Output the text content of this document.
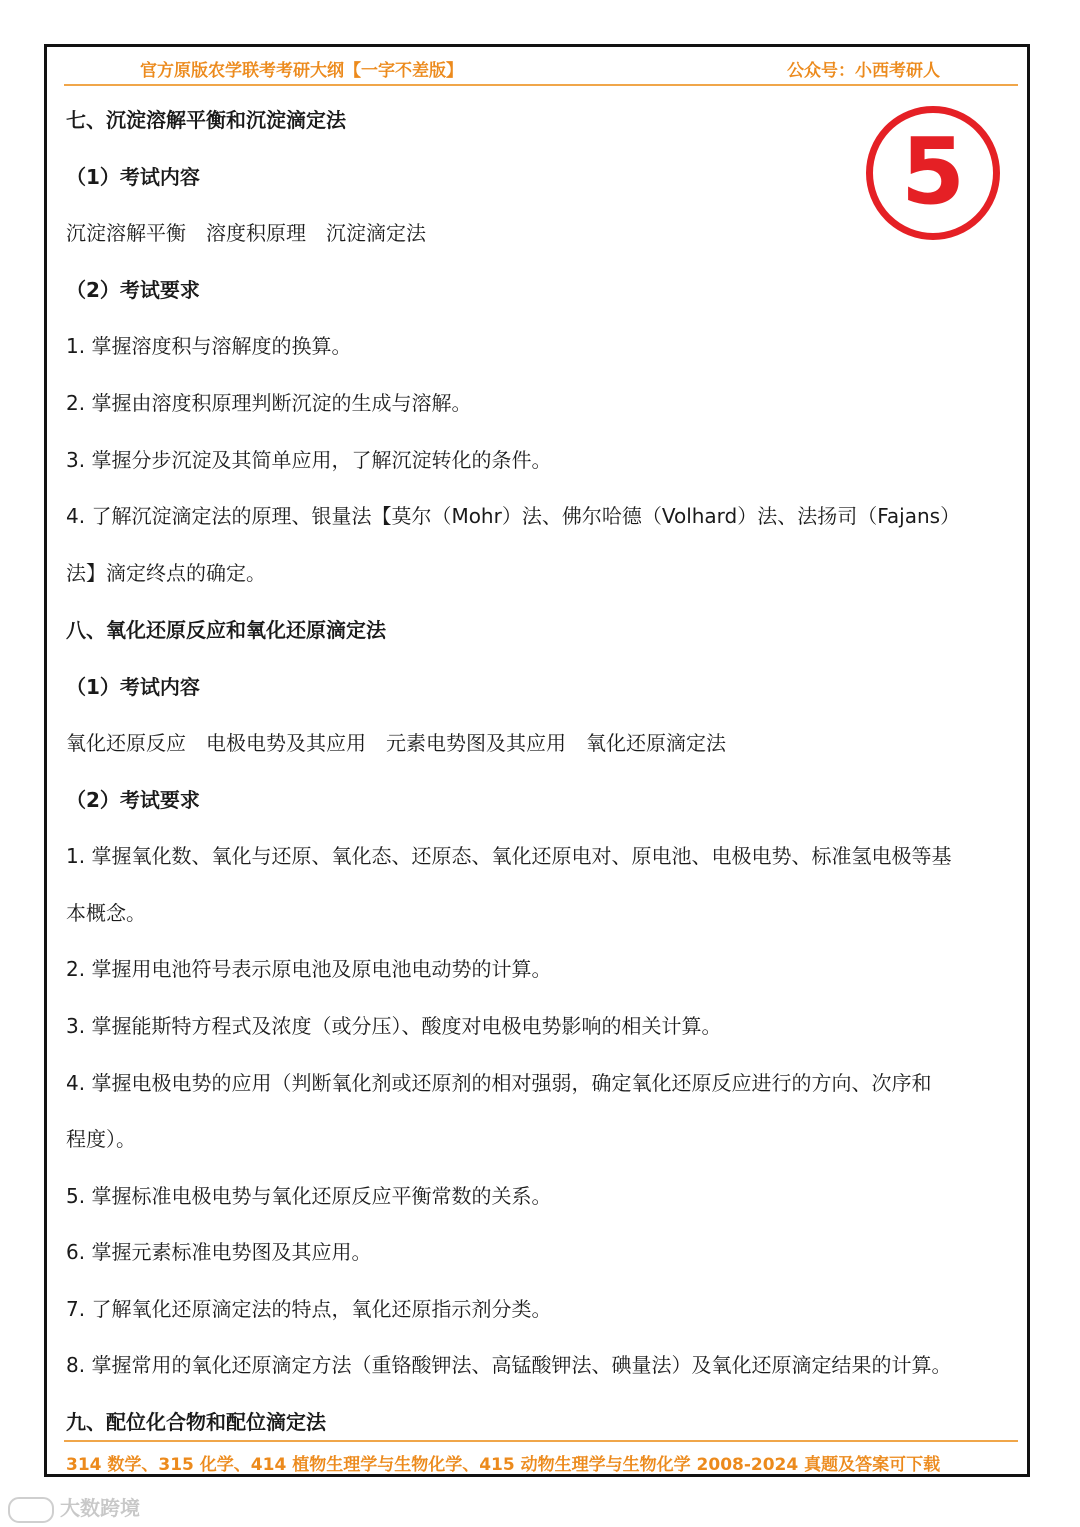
官方原版农学联考考研大纲【一字不差版】	公众号：小西考研人
5
七、沉淀溶解平衡和沉淀滴定法
（1）考试内容
沉淀溶解平衡　溶度积原理　沉淀滴定法
（2）考试要求
1. 掌握溶度积与溶解度的换算。
2. 掌握由溶度积原理判断沉淀的生成与溶解。
3. 掌握分步沉淀及其简单应用，了解沉淀转化的条件。
4. 了解沉淀滴定法的原理、银量法【莫尔（Mohr）法、佛尔哈德（Volhard）法、法扬司（Fajans）
法】滴定终点的确定。
八、氧化还原反应和氧化还原滴定法
（1）考试内容
氧化还原反应　电极电势及其应用　元素电势图及其应用　氧化还原滴定法
（2）考试要求
1. 掌握氧化数、氧化与还原、氧化态、还原态、氧化还原电对、原电池、电极电势、标准氢电极等基
本概念。
2. 掌握用电池符号表示原电池及原电池电动势的计算。
3. 掌握能斯特方程式及浓度（或分压）、酸度对电极电势影响的相关计算。
4. 掌握电极电势的应用（判断氧化剂或还原剂的相对强弱，确定氧化还原反应进行的方向、次序和
程度）。
5. 掌握标准电极电势与氧化还原反应平衡常数的关系。
6. 掌握元素标准电势图及其应用。
7. 了解氧化还原滴定法的特点，氧化还原指示剂分类。
8. 掌握常用的氧化还原滴定方法（重铬酸钾法、高锰酸钾法、碘量法）及氧化还原滴定结果的计算。
九、配位化合物和配位滴定法
314 数学、315 化学、414 植物生理学与生物化学、415 动物生理学与生物化学 2008-2024 真题及答案可下载
大数跨境
